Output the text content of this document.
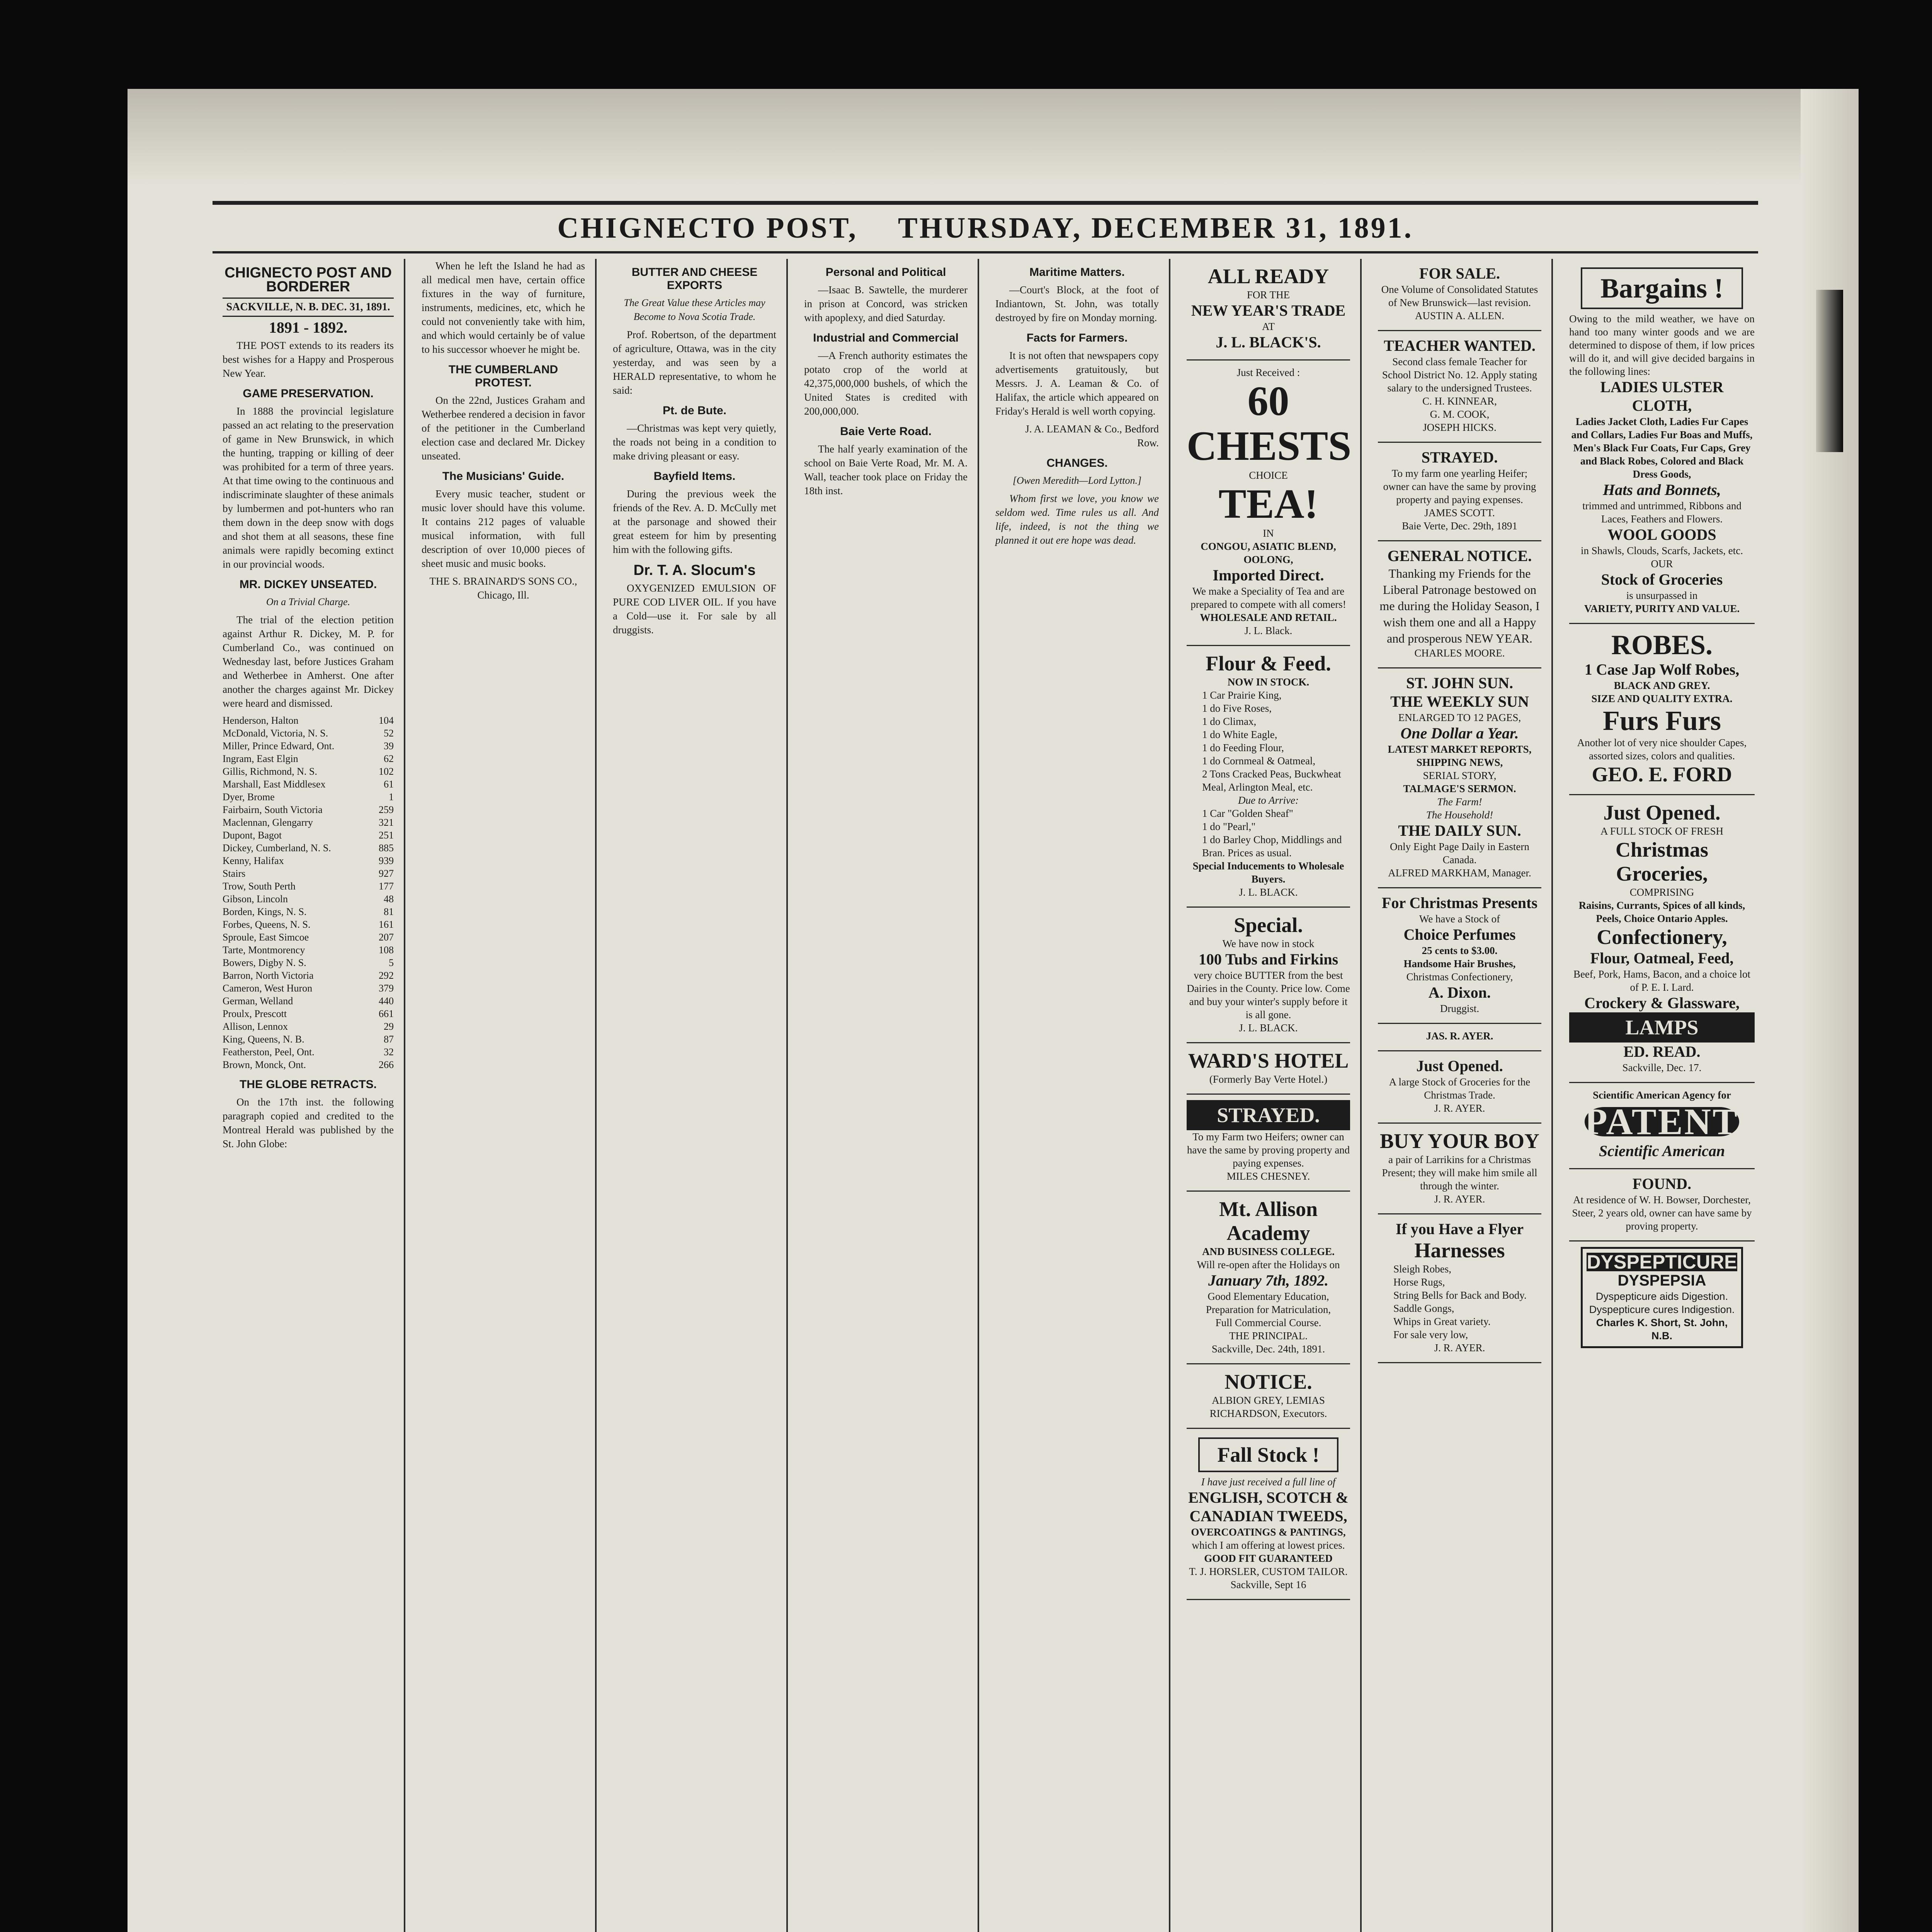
CHIGNECTO POST, THURSDAY, DECEMBER 31, 1891.
CHIGNECTO POST AND BORDERER
SACKVILLE, N. B. DEC. 31, 1891.
1891 - 1892.

THE POST extends to its readers its best wishes for a Happy and Prosperous New Year.

GAME PRESERVATION.

In 1888 the provincial legislature passed an act relating to the preservation of game in New Brunswick, in which the hunting, trapping or killing of deer was prohibited for a term of three years. At that time owing to the continuous and indiscriminate slaughter of these animals by lumbermen and pot-hunters who ran them down in the deep snow with dogs and shot them at all seasons, these fine animals were rapidly becoming extinct in our provincial woods.

MR. DICKEY UNSEATED.
On a Trivial Charge.

The trial of the election petition against Arthur R. Dickey, M. P. for Cumberland Co., was continued on Wednesday last, before Justices Graham and Wetherbee in Amherst. One after another the charges against Mr. Dickey were heard and dismissed.

Henderson, Halton	104
McDonald, Victoria, N. S.	52
Miller, Prince Edward, Ont.	39
Ingram, East Elgin	62
Gillis, Richmond, N. S.	102
Marshall, East Middlesex	61
Dyer, Brome	1
Fairbairn, South Victoria	259
Maclennan, Glengarry	321
Dupont, Bagot	251
Dickey, Cumberland, N. S.	885
Kenny, Halifax	939
Stairs	927
Trow, South Perth	177
Gibson, Lincoln	48
Borden, Kings, N. S.	81
Forbes, Queens, N. S.	161
Sproule, East Simcoe	207
Tarte, Montmorency	108
Bowers, Digby N. S.	5
Barron, North Victoria	292
Cameron, West Huron	379
German, Welland	440
Proulx, Prescott	661
Allison, Lennox	29
King, Queens, N. B.	87
Featherston, Peel, Ont.	32
Brown, Monck, Ont.	266
THE GLOBE RETRACTS.

On the 17th inst. the following paragraph copied and credited to the Montreal Herald was published by the St. John Globe:

When he left the Island he had as all medical men have, certain office fixtures in the way of furniture, instruments, medicines, etc, which he could not conveniently take with him, and which would certainly be of value to his successor whoever he might be.

THE CUMBERLAND PROTEST.

On the 22nd, Justices Graham and Wetherbee rendered a decision in favor of the petitioner in the Cumberland election case and declared Mr. Dickey unseated.

The Musicians' Guide.

Every music teacher, student or music lover should have this volume. It contains 212 pages of valuable musical information, with full description of over 10,000 pieces of sheet music and music books.

THE S. BRAINARD'S SONS CO., Chicago, Ill.

BUTTER AND CHEESE EXPORTS
The Great Value these Articles may Become to Nova Scotia Trade.

Prof. Robertson, of the department of agriculture, Ottawa, was in the city yesterday, and was seen by a HERALD representative, to whom he said:

Pt. de Bute.

—Christmas was kept very quietly, the roads not being in a condition to make driving pleasant or easy.

Bayfield Items.

During the previous week the friends of the Rev. A. D. McCully met at the parsonage and showed their great esteem for him by presenting him with the following gifts.

Dr. T. A. Slocum's

OXYGENIZED EMULSION OF PURE COD LIVER OIL. If you have a Cold—use it. For sale by all druggists.

Personal and Political

—Isaac B. Sawtelle, the murderer in prison at Concord, was stricken with apoplexy, and died Saturday.

Industrial and Commercial

—A French authority estimates the potato crop of the world at 42,375,000,000 bushels, of which the United States is credited with 200,000,000.

Baie Verte Road.

The half yearly examination of the school on Baie Verte Road, Mr. M. A. Wall, teacher took place on Friday the 18th inst.

Maritime Matters.

—Court's Block, at the foot of Indiantown, St. John, was totally destroyed by fire on Monday morning.

Facts for Farmers.

It is not often that newspapers copy advertisements gratuitously, but Messrs. J. A. Leaman & Co. of Halifax, the article which appeared on Friday's Herald is well worth copying.

J. A. LEAMAN & Co., Bedford Row.

CHANGES.
[Owen Meredith—Lord Lytton.]

Whom first we love, you know we seldom wed. Time rules us all. And life, indeed, is not the thing we planned it out ere hope was dead.

ALL READY
FOR THE
NEW YEAR'S TRADE
AT
J. L. BLACK'S.
Just Received :
60 CHESTS
CHOICE
TEA!
IN
CONGOU, ASIATIC BLEND,
OOLONG,
Imported Direct.
We make a Speciality of Tea and are prepared to compete with all comers!
WHOLESALE AND RETAIL.
J. L. Black.
Flour & Feed.
NOW IN STOCK.
1 Car Prairie King,
1 do Five Roses,
1 do Climax,
1 do White Eagle,
1 do Feeding Flour,
1 do Cornmeal & Oatmeal,
2 Tons Cracked Peas, Buckwheat Meal, Arlington Meal, etc.
Due to Arrive:
1 Car "Golden Sheaf"
1 do "Pearl,"
1 do Barley Chop, Middlings and Bran. Prices as usual.
Special Inducements to Wholesale Buyers.
J. L. BLACK.
Special.
We have now in stock
100 Tubs and Firkins
very choice BUTTER from the best Dairies in the County. Price low. Come and buy your winter's supply before it is all gone.
J. L. BLACK.
WARD'S HOTEL
(Formerly Bay Verte Hotel.)
STRAYED.
To my Farm two Heifers; owner can have the same by proving property and paying expenses.
MILES CHESNEY.
Mt. Allison Academy
AND BUSINESS COLLEGE.
Will re-open after the Holidays on
January 7th, 1892.
Good Elementary Education,
Preparation for Matriculation,
Full Commercial Course.
THE PRINCIPAL.
Sackville, Dec. 24th, 1891.
NOTICE.
ALBION GREY, LEMIAS RICHARDSON, Executors.
Fall Stock !
I have just received a full line of
ENGLISH, SCOTCH & CANADIAN TWEEDS,
OVERCOATINGS & PANTINGS,
which I am offering at lowest prices.
GOOD FIT GUARANTEED
T. J. HORSLER, CUSTOM TAILOR.
Sackville, Sept 16
FOR SALE.
One Volume of Consolidated Statutes of New Brunswick—last revision.
AUSTIN A. ALLEN.
TEACHER WANTED.
Second class female Teacher for School District No. 12. Apply stating salary to the undersigned Trustees.
C. H. KINNEAR,
G. M. COOK,
JOSEPH HICKS.
STRAYED.
To my farm one yearling Heifer; owner can have the same by proving property and paying expenses.
JAMES SCOTT.
Baie Verte, Dec. 29th, 1891
GENERAL NOTICE.
Thanking my Friends for the Liberal Patronage bestowed on me during the Holiday Season, I wish them one and all a Happy and prosperous NEW YEAR.
CHARLES MOORE.
ST. JOHN SUN.
THE WEEKLY SUN
ENLARGED TO 12 PAGES,
One Dollar a Year.
LATEST MARKET REPORTS,
SHIPPING NEWS,
SERIAL STORY,
TALMAGE'S SERMON.
The Farm!
The Household!
THE DAILY SUN.
Only Eight Page Daily in Eastern Canada.
ALFRED MARKHAM, Manager.
For Christmas Presents
We have a Stock of
Choice Perfumes
25 cents to $3.00.
Handsome Hair Brushes,
Christmas Confectionery,
A. Dixon.
Druggist.
JAS. R. AYER.
Just Opened.
A large Stock of Groceries for the Christmas Trade.
J. R. AYER.
BUY YOUR BOY
a pair of Larrikins for a Christmas Present; they will make him smile all through the winter.
J. R. AYER.
If you Have a Flyer
Harnesses
Sleigh Robes,
Horse Rugs,
String Bells for Back and Body.
Saddle Gongs,
Whips in Great variety.
For sale very low,
J. R. AYER.
Bargains !
Owing to the mild weather, we have on hand too many winter goods and we are determined to dispose of them, if low prices will do it, and will give decided bargains in the following lines:
LADIES ULSTER CLOTH,
Ladies Jacket Cloth, Ladies Fur Capes and Collars, Ladies Fur Boas and Muffs, Men's Black Fur Coats, Fur Caps, Grey and Black Robes, Colored and Black Dress Goods,
Hats and Bonnets,
trimmed and untrimmed, Ribbons and Laces, Feathers and Flowers.
WOOL GOODS
in Shawls, Clouds, Scarfs, Jackets, etc.
OUR
Stock of Groceries
is unsurpassed in
VARIETY, PURITY AND VALUE.
ROBES.
1 Case Jap Wolf Robes,
BLACK AND GREY.
SIZE AND QUALITY EXTRA.
Furs Furs
Another lot of very nice shoulder Capes, assorted sizes, colors and qualities.
GEO. E. FORD
Just Opened.
A FULL STOCK OF FRESH
Christmas Groceries,
COMPRISING
Raisins, Currants, Spices of all kinds, Peels, Choice Ontario Apples.
Confectionery,
Flour, Oatmeal, Feed,
Beef, Pork, Hams, Bacon, and a choice lot of P. E. I. Lard.
Crockery & Glassware,
LAMPS
ED. READ.
Sackville, Dec. 17.
Scientific American Agency for
PATENTS
Scientific American
FOUND.
At residence of W. H. Bowser, Dorchester, Steer, 2 years old, owner can have same by proving property.
DYSPEPTICURE
DYSPEPSIA
Dyspepticure aids Digestion.
Dyspepticure cures Indigestion.
Charles K. Short, St. John, N.B.
